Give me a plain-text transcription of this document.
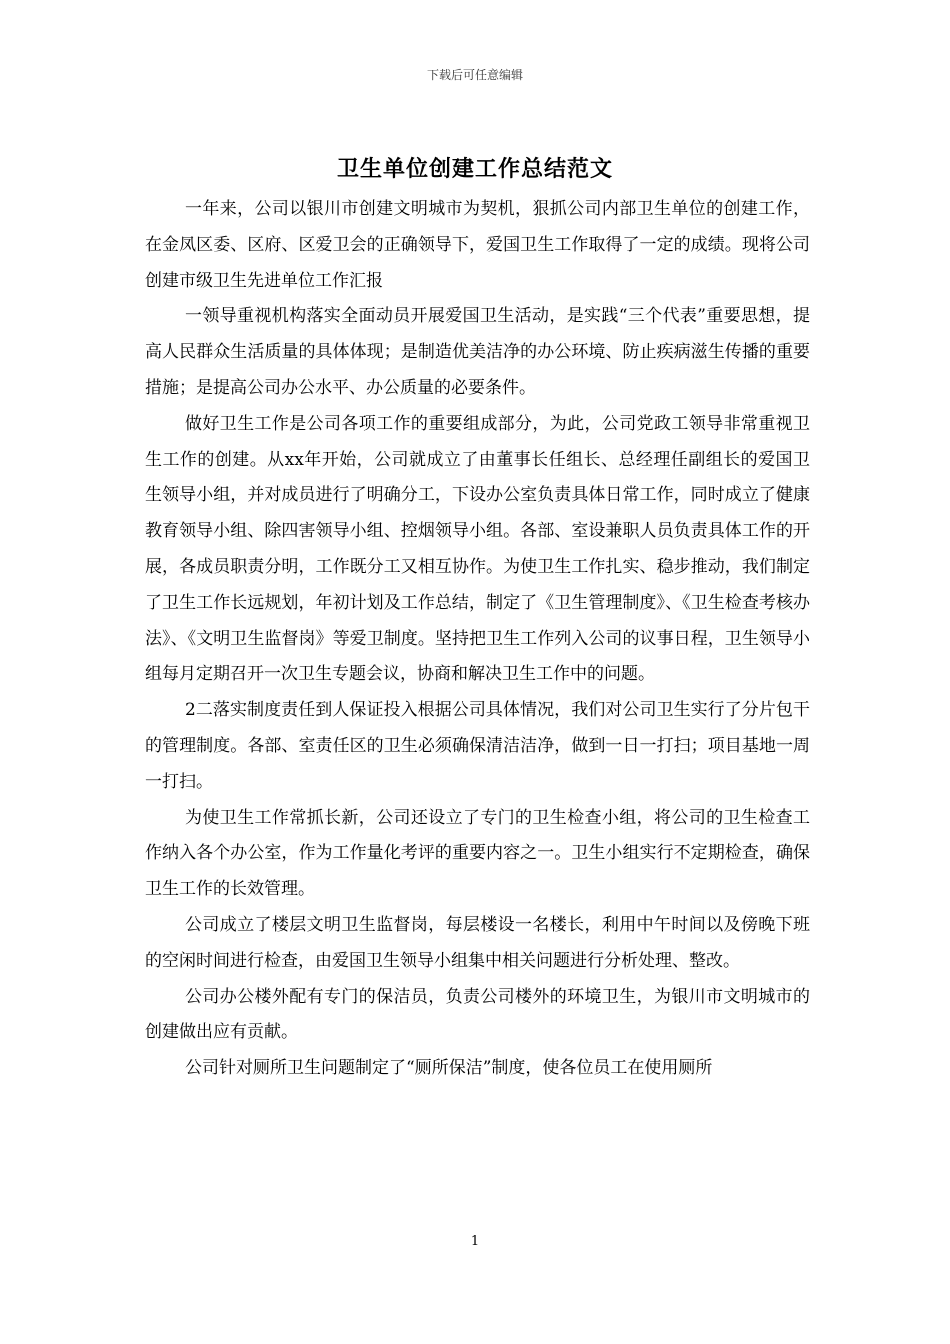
下载后可任意编辑
卫生单位创建工作总结范文

一年来，公司以银川市创建文明城市为契机，狠抓公司内部卫生单位的创建工作，在金凤区委、区府、区爱卫会的正确领导下，爱国卫生工作取得了一定的成绩。现将公司创建市级卫生先进单位工作汇报

一领导重视机构落实全面动员开展爱国卫生活动，是实践“三个代表”重要思想，提高人民群众生活质量的具体体现；是制造优美洁净的办公环境、防止疾病滋生传播的重要措施；是提高公司办公水平、办公质量的必要条件。

做好卫生工作是公司各项工作的重要组成部分，为此，公司党政工领导非常重视卫生工作的创建。从xx年开始，公司就成立了由董事长任组长、总经理任副组长的爱国卫生领导小组，并对成员进行了明确分工，下设办公室负责具体日常工作，同时成立了健康教育领导小组、除四害领导小组、控烟领导小组。各部、室设兼职人员负责具体工作的开展，各成员职责分明，工作既分工又相互协作。为使卫生工作扎实、稳步推动，我们制定了卫生工作长远规划，年初计划及工作总结，制定了《卫生管理制度》、《卫生检查考核办法》、《文明卫生监督岗》等爱卫制度。坚持把卫生工作列入公司的议事日程，卫生领导小组每月定期召开一次卫生专题会议，协商和解决卫生工作中的问题。

2二落实制度责任到人保证投入根据公司具体情况，我们对公司卫生实行了分片包干的管理制度。各部、室责任区的卫生必须确保清洁洁净，做到一日一打扫；项目基地一周一打扫。

为使卫生工作常抓长新，公司还设立了专门的卫生检查小组，将公司的卫生检查工作纳入各个办公室，作为工作量化考评的重要内容之一。卫生小组实行不定期检查，确保卫生工作的长效管理。

公司成立了楼层文明卫生监督岗，每层楼设一名楼长，利用中午时间以及傍晚下班的空闲时间进行检查，由爱国卫生领导小组集中相关问题进行分析处理、整改。

公司办公楼外配有专门的保洁员，负责公司楼外的环境卫生，为银川市文明城市的创建做出应有贡献。

公司针对厕所卫生问题制定了“厕所保洁”制度，使各位员工在使用厕所

1
